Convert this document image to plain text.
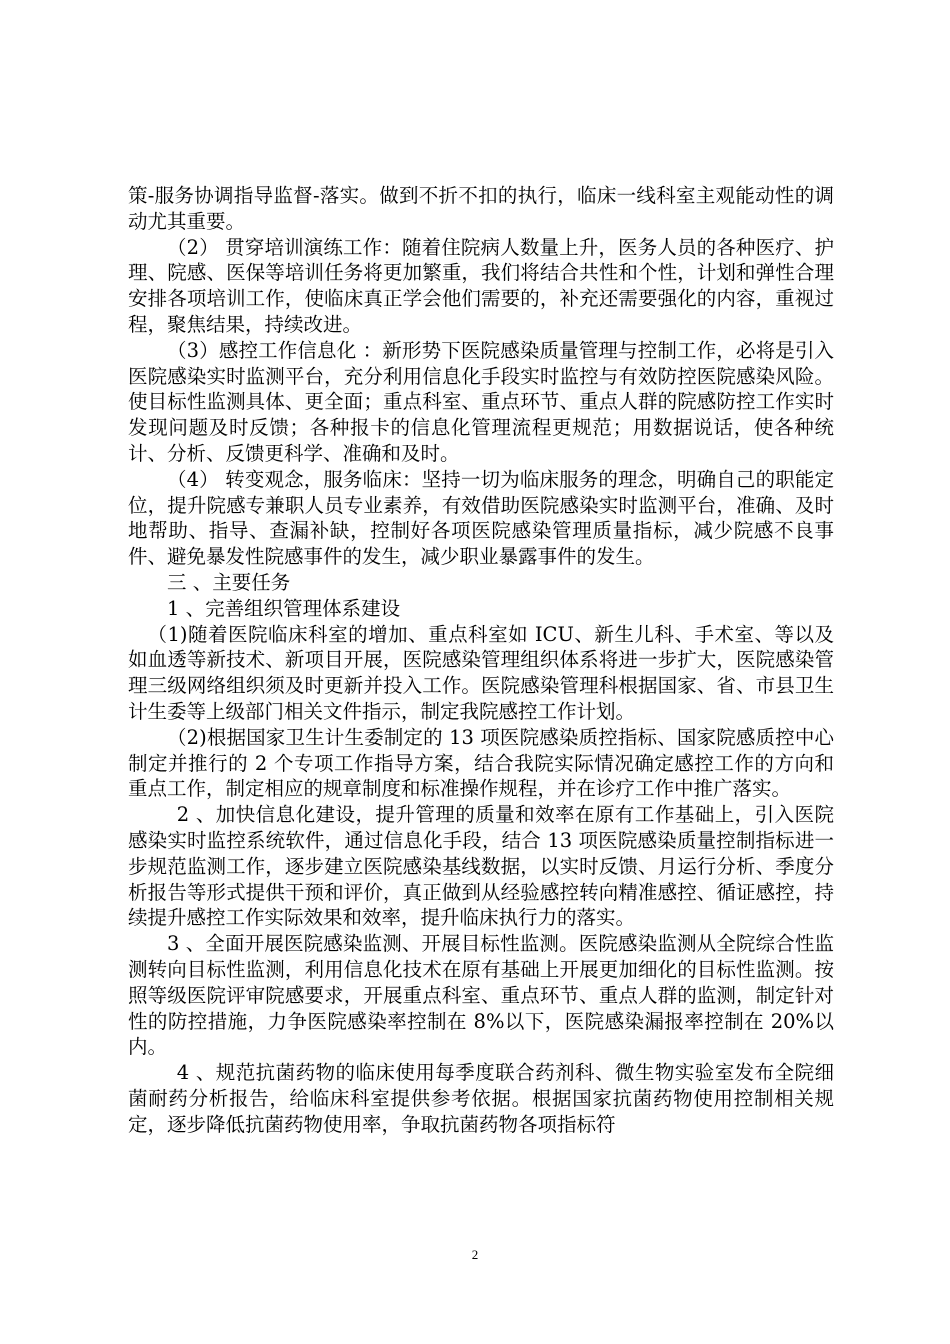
策-服务协调指导监督-落实。做到不折不扣的执行，临床一线科室主观能动性的调动尤其重要。

（2） 贯穿培训演练工作：随着住院病人数量上升，医务人员的各种医疗、护理、院感、医保等培训任务将更加繁重，我们将结合共性和个性，计划和弹性合理安排各项培训工作，使临床真正学会他们需要的，补充还需要强化的内容，重视过程，聚焦结果，持续改进。

（3）感控工作信息化 ：新形势下医院感染质量管理与控制工作，必将是引入医院感染实时监测平台，充分利用信息化手段实时监控与有效防控医院感染风险。使目标性监测具体、更全面；重点科室、重点环节、重点人群的院感防控工作实时发现问题及时反馈；各种报卡的信息化管理流程更规范；用数据说话，使各种统计、分析、反馈更科学、准确和及时。

（4） 转变观念，服务临床：坚持一切为临床服务的理念，明确自己的职能定位，提升院感专兼职人员专业素养，有效借助医院感染实时监测平台，准确、及时地帮助、指导、查漏补缺，控制好各项医院感染管理质量指标，减少院感不良事件、避免暴发性院感事件的发生，减少职业暴露事件的发生。

三 、主要任务

1 、完善组织管理体系建设

（1)随着医院临床科室的增加、重点科室如 ICU、新生儿科、手术室、等以及如血透等新技术、新项目开展，医院感染管理组织体系将进一步扩大，医院感染管理三级网络组织须及时更新并投入工作。医院感染管理科根据国家、省、市县卫生计生委等上级部门相关文件指示，制定我院感控工作计划。

（2)根据国家卫生计生委制定的 13 项医院感染质控指标、国家院感质控中心制定并推行的 2 个专项工作指导方案，结合我院实际情况确定感控工作的方向和重点工作，制定相应的规章制度和标准操作规程，并在诊疗工作中推广落实。

2 、加快信息化建设，提升管理的质量和效率在原有工作基础上，引入医院感染实时监控系统软件，通过信息化手段，结合 13 项医院感染质量控制指标进一步规范监测工作，逐步建立医院感染基线数据，以实时反馈、月运行分析、季度分析报告等形式提供干预和评价，真正做到从经验感控转向精准感控、循证感控，持续提升感控工作实际效果和效率，提升临床执行力的落实。

3 、全面开展医院感染监测、开展目标性监测。医院感染监测从全院综合性监测转向目标性监测，利用信息化技术在原有基础上开展更加细化的目标性监测。按照等级医院评审院感要求，开展重点科室、重点环节、重点人群的监测，制定针对性的防控措施，力争医院感染率控制在 8%以下，医院感染漏报率控制在 20%以内。

4 、规范抗菌药物的临床使用每季度联合药剂科、微生物实验室发布全院细菌耐药分析报告，给临床科室提供参考依据。根据国家抗菌药物使用控制相关规定，逐步降低抗菌药物使用率，争取抗菌药物各项指标符

2
